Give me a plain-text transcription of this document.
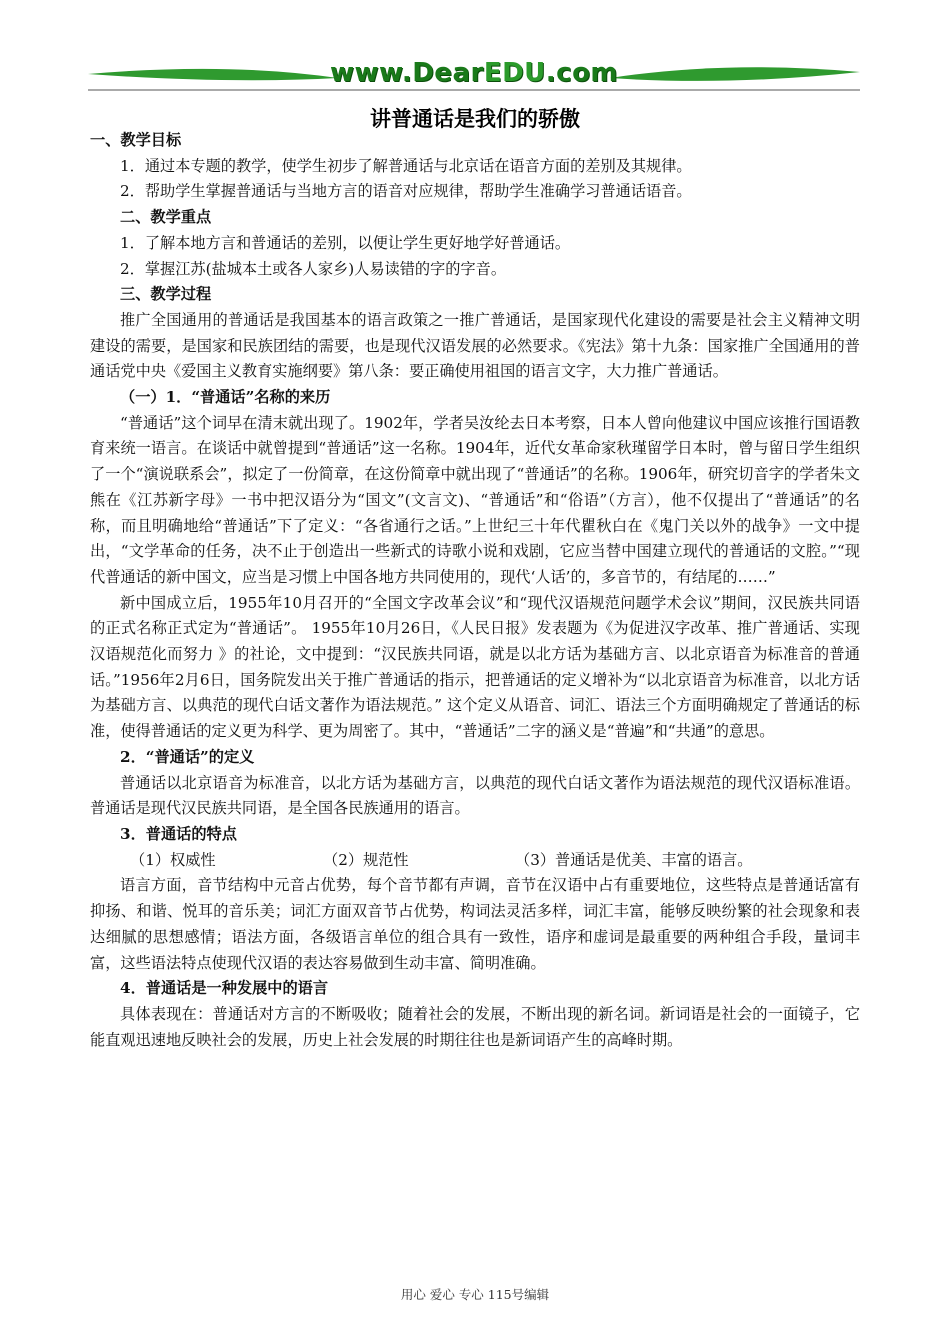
www.DearEDU.com
讲普通话是我们的骄傲

一、教学目标

1．通过本专题的教学，使学生初步了解普通话与北京话在语音方面的差别及其规律。

2．帮助学生掌握普通话与当地方言的语音对应规律，帮助学生准确学习普通话语音。

二、教学重点

1．了解本地方言和普通话的差别，以便让学生更好地学好普通话。

2．掌握江苏(盐城本土或各人家乡)人易读错的字的字音。

三、教学过程

推广全国通用的普通话是我国基本的语言政策之一推广普通话，是国家现代化建设的需要是社会主义精神文明建设的需要，是国家和民族团结的需要，也是现代汉语发展的必然要求。《宪法》第十九条：国家推广全国通用的普通话党中央《爱国主义教育实施纲要》第八条：要正确使用祖国的语言文字，大力推广普通话。

（一）1．“普通话”名称的来历

“普通话”这个词早在清末就出现了。1902年，学者吴汝纶去日本考察，日本人曾向他建议中国应该推行国语教育来统一语言。在谈话中就曾提到“普通话”这一名称。1904年，近代女革命家秋瑾留学日本时，曾与留日学生组织了一个“演说联系会”，拟定了一份简章，在这份简章中就出现了“普通话”的名称。1906年，研究切音字的学者朱文熊在《江苏新字母》一书中把汉语分为“国文”(文言文)、“普通话”和“俗语”（方言），他不仅提出了“普通话”的名称，而且明确地给“普通话”下了定义：“各省通行之话。”上世纪三十年代瞿秋白在《鬼门关以外的战争》一文中提出，“文学革命的任务，决不止于创造出一些新式的诗歌小说和戏剧，它应当替中国建立现代的普通话的文腔。”“现代普通话的新中国文，应当是习惯上中国各地方共同使用的，现代‘人话’的，多音节的，有结尾的……”

新中国成立后，1955年10月召开的“全国文字改革会议”和“现代汉语规范问题学术会议”期间，汉民族共同语的正式名称正式定为“普通话”。 1955年10月26日，《人民日报》发表题为《为促进汉字改革、推广普通话、实现汉语规范化而努力 》的社论，文中提到：“汉民族共同语，就是以北方话为基础方言、以北京语音为标准音的普通话。”1956年2月6日，国务院发出关于推广普通话的指示，把普通话的定义增补为“以北京语音为标准音，以北方话为基础方言、以典范的现代白话文著作为语法规范。” 这个定义从语音、词汇、语法三个方面明确规定了普通话的标准，使得普通话的定义更为科学、更为周密了。其中，“普通话”二字的涵义是“普遍”和“共通”的意思。

2．“普通话”的定义

普通话以北京语音为标准音，以北方话为基础方言，以典范的现代白话文著作为语法规范的现代汉语标准语。普通话是现代汉民族共同语，是全国各民族通用的语言。

3．普通话的特点

（1）权威性	（2）规范性	（3）普通话是优美、丰富的语言。

语言方面，音节结构中元音占优势，每个音节都有声调，音节在汉语中占有重要地位，这些特点是普通话富有抑扬、和谐、悦耳的音乐美；词汇方面双音节占优势，构词法灵活多样，词汇丰富，能够反映纷繁的社会现象和表达细腻的思想感情；语法方面，各级语言单位的组合具有一致性，语序和虚词是最重要的两种组合手段，量词丰富，这些语法特点使现代汉语的表达容易做到生动丰富、简明准确。

4．普通话是一种发展中的语言

具体表现在：普通话对方言的不断吸收；随着社会的发展，不断出现的新名词。新词语是社会的一面镜子，它能直观迅速地反映社会的发展，历史上社会发展的时期往往也是新词语产生的高峰时期。

用心 爱心 专心 115号编辑
